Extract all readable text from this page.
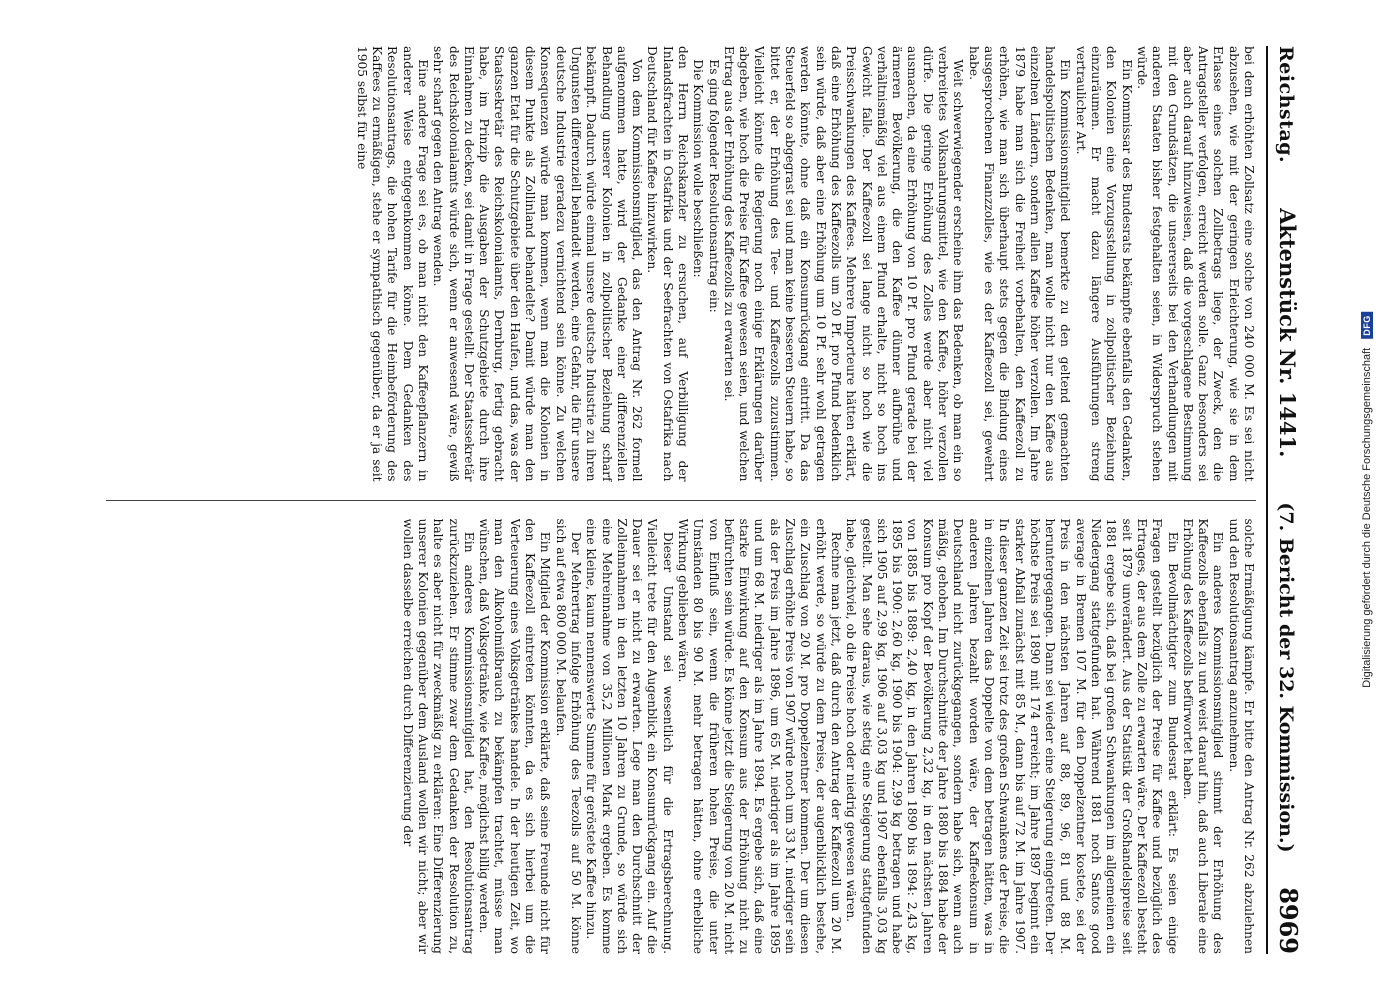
Reichstag.
Aktenstück Nr. 1441.
(7. Bericht der 32. Kommission.) 8969

bei dem erhöhten Zollsatz eine solche von 240 000 M. Es sei nicht abzusehen, wie mit der geringen Erleichterung, wie sie in dem Erlasse eines solchen Zollbetrags liege, der Zweck, den die Antragsteller verfolgen, erreicht werden solle. Ganz besonders sei aber auch darauf hinzuweisen, daß die vorgeschlagene Bestimmung mit den Grundsätzen, die unsererseits bei den Verhandlungen mit anderen Staaten bisher festgehalten seien, in Widerspruch stehen würde.

Ein Kommissar des Bundesrats bekämpfte ebenfalls den Gedanken, den Kolonien eine Vorzugsstellung in zollpolitischer Beziehung einzuräumen. Er macht dazu längere Ausführungen streng vertraulicher Art.

Ein Kommissionsmitglied bemerkte zu den geltend gemachten handelspolitischen Bedenken, man wolle nicht nur den Kaffee aus einzelnen Ländern, sondern allen Kaffee höher verzollen. Im Jahre 1879 habe man sich die Freiheit vorbehalten, den Kaffeezoll zu erhöhen, wie man sich überhaupt stets gegen die Bindung eines ausgesprochenen Finanzzolles, wie es der Kaffeezoll sei, gewehrt habe.

Weit schwerwiegender erscheine ihm das Bedenken, ob man ein so verbreitetes Volksnahrungsmittel, wie den Kaffee, höher verzollen dürfe. Die geringe Erhöhung des Zolles werde aber nicht viel ausmachen, da eine Erhöhung von 10 Pf. pro Pfund gerade bei der ärmeren Bevölkerung, die den Kaffee dünner aufbrühe und verhältnismäßig viel aus einem Pfund erhalte, nicht so hoch ins Gewicht falle. Der Kaffeezoll sei lange nicht so hoch wie die Preisschwankungen des Kaffees. Mehrere Importeure hätten erklärt, daß eine Erhöhung des Kaffeezolls um 20 Pf. pro Pfund bedenklich sein würde, daß aber eine Erhöhung um 10 Pf. sehr wohl getragen werden könnte, ohne daß ein Konsumrückgang eintritt. Da das Steuerfeld so abgegrast sei und man keine besseren Steuern habe, so bittet er, der Erhöhung des Tee- und Kaffeezolls zuzustimmen. Vielleicht könnte die Regierung noch einige Erklärungen darüber abgeben, wie hoch die Preise für Kaffee gewesen seien, und welchen Ertrag aus der Erhöhung des Kaffeezolls zu erwarten sei.

Es ging folgender Resolutionsantrag ein:

Die Kommission wolle beschließen:

den Herrn Reichskanzler zu ersuchen, auf Verbilligung der Inlandsfrachten in Ostafrika und der Seefrachten von Ostafrika nach Deutschland für Kaffee hinzuwirken.

Von dem Kommissionsmitglied, das den Antrag Nr. 262 formell aufgenommen hatte, wird der Gedanke einer differenziellen Behandlung unserer Kolonien in zollpolitischer Beziehung scharf bekämpft. Dadurch würde einmal unsere deutsche Industrie zu ihren Ungunsten differenziell behandelt werden, eine Gefahr, die für unsere deutsche Industrie geradezu vernichtend sein könne. Zu welchen Konsequenzen würde man kommen, wenn man die Kolonien in diesem Punkte als Zollinland behandelte? Damit würde man den ganzen Etat für die Schutzgebiete über den Haufen, und das, was der Staatssekretär des Reichskolonialamts, Dernburg, fertig gebracht habe, im Prinzip die Ausgaben der Schutzgebiete durch ihre Einnahmen zu decken, sei damit in Frage gestellt. Der Staatssekretär des Reichskolonialamts würde sich, wenn er anwesend wäre, gewiß sehr scharf gegen den Antrag wenden.

Eine andere Frage sei es, ob man nicht den Kaffeepflanzern in anderer Weise entgegenkommen könne. Dem Gedanken des Resolutionsantrags, die hohen Tarife für die Heimbeförderung des Kaffees zu ermäßigen, stehe er sympathisch gegenüber, da er ja seit 1905 selbst für eine

solche Ermäßigung kämpfe. Er bitte den Antrag Nr. 262 abzulehnen und den Resolutionsantrag anzunehmen.

Ein anderes Kommissionsmitglied stimmt der Erhöhung des Kaffeezolls ebenfalls zu und weist darauf hin, daß auch Liberale eine Erhöhung des Kaffeezolls befürwortet haben.

Ein Bevollmächtigter zum Bundesrat erklärt: Es seien einige Fragen gestellt bezüglich der Preise für Kaffee und bezüglich des Ertrages, der aus dem Zolle zu erwarten wäre. Der Kaffeezoll besteht seit 1879 unverändert. Aus der Statistik der Großhandelspreise seit 1881 ergebe sich, daß bei großen Schwankungen im allgemeinen ein Niedergang stattgefunden hat. Während 1881 noch Santos good average in Bremen 107 M. für den Doppelzentner kostete, sei der Preis in den nächsten Jahren auf 88, 89, 96, 81 und 88 M. heruntergegangen. Dann sei wieder eine Steigerung eingetreten. Der höchste Preis sei 1890 mit 174 erreicht; im Jahre 1897 beginnt ein starker Abfall zunächst mit 85 M., dann bis auf 72 M. im Jahre 1907. In dieser ganzen Zeit sei trotz des großen Schwankens der Preise, die in einzelnen Jahren das Doppelte von dem betragen hätten, was in anderen Jahren bezahlt worden wäre, der Kaffeekonsum in Deutschland nicht zurückgegangen, sondern habe sich, wenn auch mäßig, gehoben. Im Durchschnitte der Jahre 1880 bis 1884 habe der Konsum pro Kopf der Bevölkerung 2,32 kg, in den nächsten Jahren von 1885 bis 1889: 2,40 kg, in den Jahren 1890 bis 1894: 2,43 kg, 1895 bis 1900: 2,60 kg, 1900 bis 1904: 2,99 kg betragen und habe sich 1905 auf 2,99 kg, 1906 auf 3,03 kg und 1907 ebenfalls 3,03 kg gestellt. Man sehe daraus, wie stetig eine Steigerung stattgefunden habe, gleichviel, ob die Preise hoch oder niedrig gewesen wären.

Rechne man jetzt, daß durch den Antrag der Kaffeezoll um 20 M. erhöht werde, so würde zu dem Preise, der augenblicklich bestehe, ein Zuschlag von 20 M. pro Doppelzentner kommen. Der um diesen Zuschlag erhöhte Preis von 1907 würde noch um 33 M. niedriger sein als der Preis im Jahre 1896, um 65 M. niedriger als im Jahre 1895 und um 68 M. niedriger als im Jahre 1894. Es ergebe sich, daß eine starke Einwirkung auf den Konsum aus der Erhöhung nicht zu befürchten sein würde. Es könne jetzt die Steigerung von 20 M. nicht von Einfluß sein, wenn die früheren hohen Preise, die unter Umständen 80 bis 90 M. mehr betragen hätten, ohne erhebliche Wirkung geblieben wären.

Dieser Umstand sei wesentlich für die Ertragsberechnung. Vielleicht trete für den Augenblick ein Konsumrückgang ein. Auf die Dauer sei er nicht zu erwarten. Lege man den Durchschnitt der Zolleinnahmen in den letzten 10 Jahren zu Grunde, so würde sich eine Mehreinnahme von 35,2 Millionen Mark ergeben. Es komme eine kleine, kaum nennenswerte Summe für geröstete Kaffee hinzu.

Der Mehrertrag infolge Erhöhung des Teezolls auf 50 M. könne sich auf etwa 800 000 M. belaufen.

Ein Mitglied der Kommission erklärte, daß seine Freunde nicht für den Kaffeezoll eintreten könnten, da es sich hierbei um die Verteuerung eines Volksgetränkes handele. In der heutigen Zeit, wo man den Alkoholmißbrauch zu bekämpfen trachtet, müsse man wünschen, daß Volksgetränke, wie Kaffee, möglichst billig werden.

Ein anderes Kommissionsmitglied hat, den Resolutionsantrag zurückzuziehen. Er stimme zwar dem Gedanken der Resolution zu, halte es aber nicht für zweckmäßig zu erklären: Eine Differenzierung unserer Kolonien gegenüber dem Ausland wollen wir nicht; aber wir wollen dasselbe erreichen durch Differenzierung der	Digitalisierung gefördert durch die Deutsche Forschungsgemeinschaft DFG
